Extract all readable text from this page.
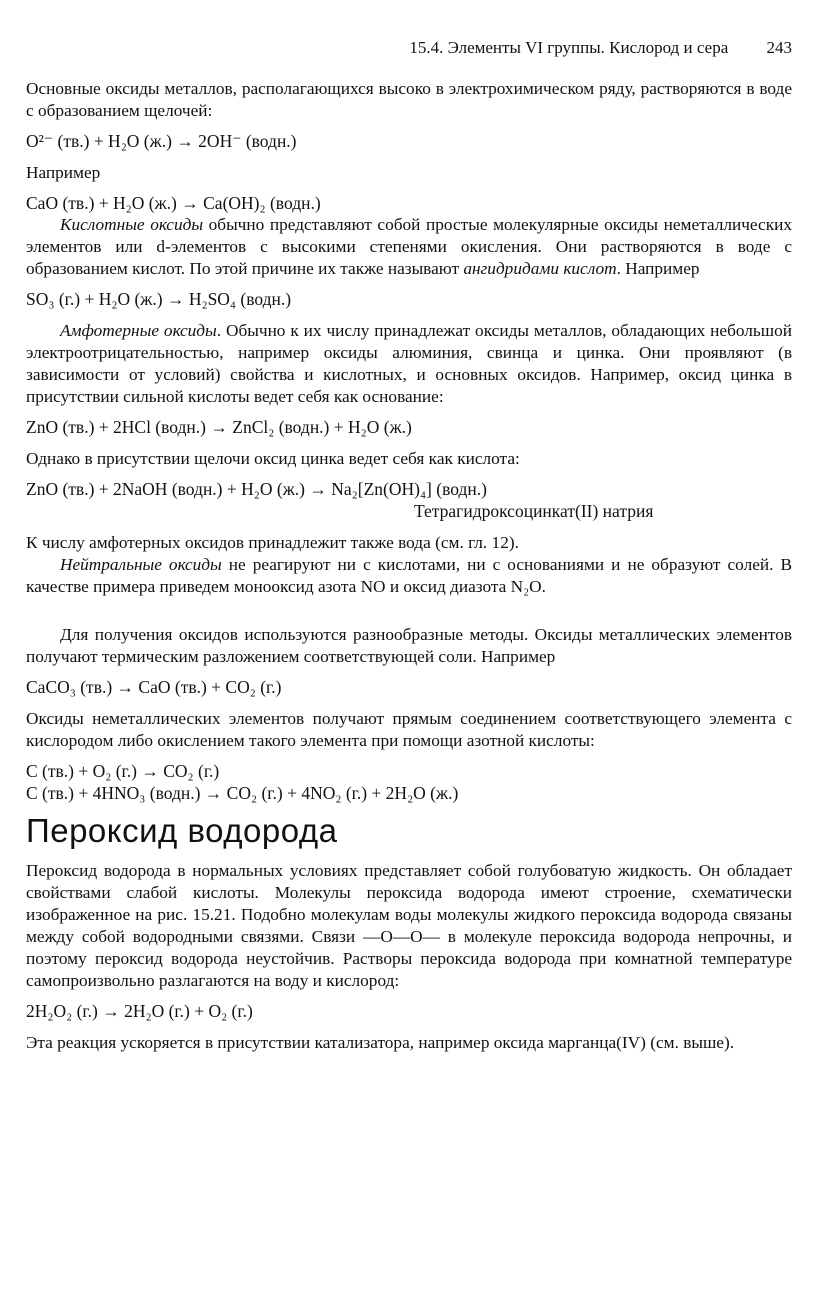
15.4. Элементы VI группы. Кислород и сера 243

Основные оксиды металлов, располагающихся высоко в электрохимическом ряду, растворяются в воде с образованием щелочей:

O²⁻ (тв.) + H₂O (ж.) → 2OH⁻ (водн.)

Например

CaO (тв.) + H₂O (ж.) → Ca(OH)₂ (водн.)

Кислотные оксиды обычно представляют собой простые молекулярные оксиды неметаллических элементов или d-элементов с высокими степенями окисления. Они растворяются в воде с образованием кислот. По этой причине их также называют ангидридами кислот. Например

SO₃ (г.) + H₂O (ж.) → H₂SO₄ (водн.)

Амфотерные оксиды. Обычно к их числу принадлежат оксиды металлов, обладающих небольшой электроотрицательностью, например оксиды алюминия, свинца и цинка. Они проявляют (в зависимости от условий) свойства и кислотных, и основных оксидов. Например, оксид цинка в присутствии сильной кислоты ведет себя как основание:

ZnO (тв.) + 2HCl (водн.) → ZnCl₂ (водн.) + H₂O (ж.)

Однако в присутствии щелочи оксид цинка ведет себя как кислота:

ZnO (тв.) + 2NaOH (водн.) + H₂O (ж.) → Na₂[Zn(OH)₄] (водн.)
Тетрагидроксоцинкат(II) натрия

К числу амфотерных оксидов принадлежит также вода (см. гл. 12).

Нейтральные оксиды не реагируют ни с кислотами, ни с основаниями и не образуют солей. В качестве примера приведем монооксид азота NO и оксид диазота N₂O.

Для получения оксидов используются разнообразные методы. Оксиды металлических элементов получают термическим разложением соответствующей соли. Например

CaCO₃ (тв.) → CaO (тв.) + CO₂ (г.)

Оксиды неметаллических элементов получают прямым соединением соответствующего элемента с кислородом либо окислением такого элемента при помощи азотной кислоты:

C (тв.) + O₂ (г.) → CO₂ (г.)
C (тв.) + 4HNO₃ (водн.) → CO₂ (г.) + 4NO₂ (г.) + 2H₂O (ж.)
Пероксид водорода

Пероксид водорода в нормальных условиях представляет собой голубоватую жидкость. Он обладает свойствами слабой кислоты. Молекулы пероксида водорода имеют строение, схематически изображенное на рис. 15.21. Подобно молекулам воды молекулы жидкого пероксида водорода связаны между собой водородными связями. Связи —O—O— в молекуле пероксида водорода непрочны, и поэтому пероксид водорода неустойчив. Растворы пероксида водорода при комнатной температуре самопроизвольно разлагаются на воду и кислород:

2H₂O₂ (г.) → 2H₂O (г.) + O₂ (г.)

Эта реакция ускоряется в присутствии катализатора, например оксида марганца(IV) (см. выше).
